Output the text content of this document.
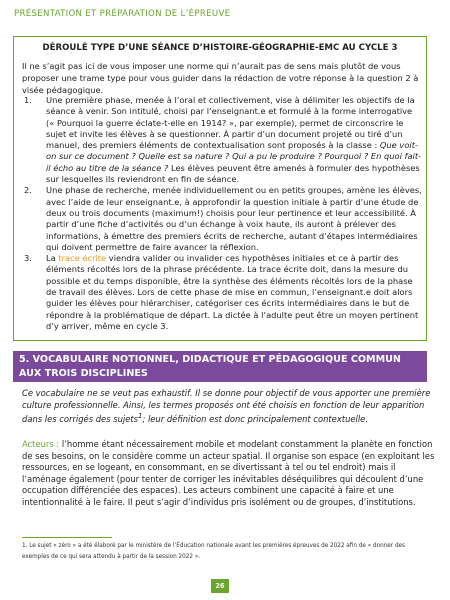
PRÉSENTATION ET PRÉPARATION DE L’ÉPREUVE
DÉROULÉ TYPE D’UNE SÉANCE D’HISTOIRE-GÉOGRAPHIE-EMC AU CYCLE 3

Il ne s’agit pas ici de vous imposer une norme qui n’aurait pas de sens mais plutôt de vous proposer une trame type pour vous guider dans la rédaction de votre réponse à la question 2 à visée pédagogique.

1. Une première phase, menée à l’oral et collectivement, vise à délimiter les objectifs de la séance à venir. Son intitulé, choisi par l’enseignant.e et formulé à la forme interrogative (« Pourquoi la guerre éclate-t-elle en 1914? », par exemple), permet de circonscrire le sujet et invite les élèves à se questionner. À partir d’un document projeté ou tiré d’un manuel, des premiers éléments de contextualisation sont proposés à la classe : Que voit-on sur ce document ? Quelle est sa nature ? Qui a pu le produire ? Pourquoi ? En quoi fait-il écho au titre de la séance ? Les élèves peuvent être amenés à formuler des hypothèses sur lesquelles ils reviendront en fin de séance.
2. Une phase de recherche, menée individuellement ou en petits groupes, amène les élèves, avec l’aide de leur enseignant.e, à approfondir la question initiale à partir d’une étude de deux ou trois documents (maximum!) choisis pour leur pertinence et leur accessibilité. À partir d’une fiche d’activités ou d’un échange à voix haute, ils auront à prélever des informations, à émettre des premiers écrits de recherche, autant d’étapes intermédiaires qui doivent permettre de faire avancer la réflexion.
3. La trace écrite viendra valider ou invalider ces hypothèses initiales et ce à partir des éléments récoltés lors de la phrase précédente. La trace écrite doit, dans la mesure du possible et du temps disponible, être la synthèse des éléments récoltés lors de la phase de travail des élèves. Lors de cette phase de mise en commun, l’enseignant.e doit alors guider les élèves pour hiérarchiser, catégoriser ces écrits intermédiaires dans le but de répondre à la problématique de départ. La dictée à l’adulte peut être un moyen pertinent d’y arriver, même en cycle 3.
5. VOCABULAIRE NOTIONNEL, DIDACTIQUE ET PÉDAGOGIQUE COMMUN AUX TROIS DISCIPLINES

Ce vocabulaire ne se veut pas exhaustif. Il se donne pour objectif de vous apporter une première culture professionnelle. Ainsi, les termes proposés ont été choisis en fonction de leur apparition dans les corrigés des sujets$^1$; leur définition est donc principalement contextuelle.

Acteurs : l’homme étant nécessairement mobile et modelant constamment la planète en fonction de ses besoins, on le considère comme un acteur spatial. Il organise son espace (en exploitant les ressources, en se logeant, en consommant, en se divertissant à tel ou tel endroit) mais il l’aménage également (pour tenter de corriger les inévitables déséquilibres qui découlent d’une occupation différenciée des espaces). Les acteurs combinent une capacité à faire et une intentionnalité à le faire. Il peut s’agir d’individus pris isolément ou de groupes, d’institutions.

1. Le sujet « zéro » a été élaboré par le ministère de l’Éducation nationale avant les premières épreuves de 2022 afin de « donner des exemples de ce qui sera attendu à partir de la session 2022 ».

26
